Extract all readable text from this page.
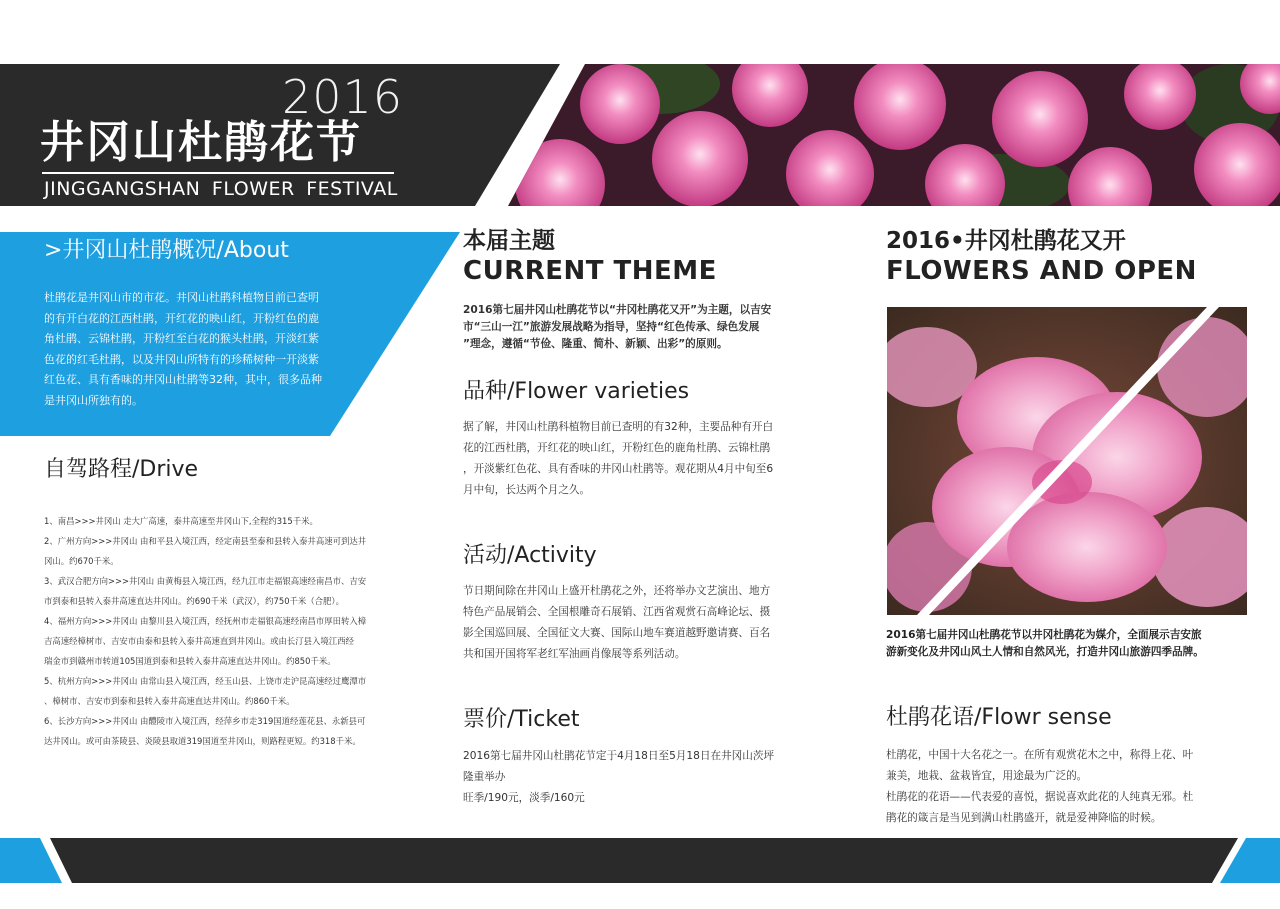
2016
井冈山杜鹃花节
JINGGANGSHAN FLOWER FESTIVAL
>井冈山杜鹃概况/About
杜鹃花是井冈山市的市花。井冈山杜鹃科植物目前已查明
的有开白花的江西杜鹃，开红花的映山红，开粉红色的鹿
角杜鹃、云锦杜鹃，开粉红至白花的猴头杜鹃，开淡红紫
色花的红毛杜鹃，以及井冈山所特有的珍稀树种一开淡紫
红色花、具有香味的井冈山杜鹃等32种，其中，很多品种
是井冈山所独有的。
自驾路程/Drive
1、南昌>>>井冈山 走大广高速，泰井高速至井冈山下,全程约315千米。
2、广州方向>>>井冈山 由和平县入境江西，经定南县至泰和县转入泰井高速可到达井
冈山。约670千米。
3、武汉合肥方向>>>井冈山 由黄梅县入境江西，经九江市走福银高速经南昌市、吉安
市到泰和县转入泰井高速直达井冈山。约690千米（武汉），约750千米（合肥）。
4、福州方向>>>井冈山 由黎川县入境江西，经抚州市走福银高速经南昌市厚田转入樟
吉高速经樟树市、吉安市由泰和县转入泰井高速直到井冈山。或由长汀县入境江西经
瑞金市到赣州市转道105国道到泰和县转入泰井高速直达井冈山。约850千米。
5、杭州方向>>>井冈山 由常山县入境江西，经玉山县、上饶市走沪昆高速经过鹰潭市
、樟树市、吉安市到泰和县转入泰井高速直达井冈山。约860千米。
6、长沙方向>>>井冈山 由醴陵市入境江西，经萍乡市走319国道经莲花县、永新县可
达井冈山。或可由茶陵县、炎陵县取道319国道至井冈山，则路程更短。约318千米。
本届主题
CURRENT THEME
2016第七届井冈山杜鹃花节以“井冈杜鹃花又开”为主题，以吉安
市“三山一江”旅游发展战略为指导，坚持“红色传承、绿色发展
”理念，遵循“节俭、隆重、简朴、新颖、出彩”的原则。
品种/Flower varieties
据了解，井冈山杜鹃科植物目前已查明的有32种，主要品种有开白
花的江西杜鹃，开红花的映山红，开粉红色的鹿角杜鹃、云锦杜鹃
，开淡紫红色花、具有香味的井冈山杜鹃等。观花期从4月中旬至6
月中旬，长达两个月之久。
活动/Activity
节日期间除在井冈山上盛开杜鹃花之外，还将举办文艺演出、地方
特色产品展销会、全国根雕奇石展销、江西省观赏石高峰论坛、摄
影全国巡回展、全国征文大赛、国际山地车赛道越野邀请赛、百名
共和国开国将军老红军油画肖像展等系列活动。
票价/Ticket
2016第七届井冈山杜鹃花节定于4月18日至5月18日在井冈山茨坪
隆重举办
旺季/190元，淡季/160元
2016•井冈杜鹃花又开
FLOWERS AND OPEN
2016第七届井冈山杜鹃花节以井冈杜鹃花为媒介，全面展示吉安旅
游新变化及井冈山风土人情和自然风光，打造井冈山旅游四季品牌。
杜鹃花语/Flowr sense
杜鹃花，中国十大名花之一。在所有观赏花木之中，称得上花、叶
兼美，地栽、盆栽皆宜，用途最为广泛的。
杜鹃花的花语——代表爱的喜悦，据说喜欢此花的人纯真无邪。杜
鹃花的箴言是当见到满山杜鹃盛开，就是爱神降临的时候。
